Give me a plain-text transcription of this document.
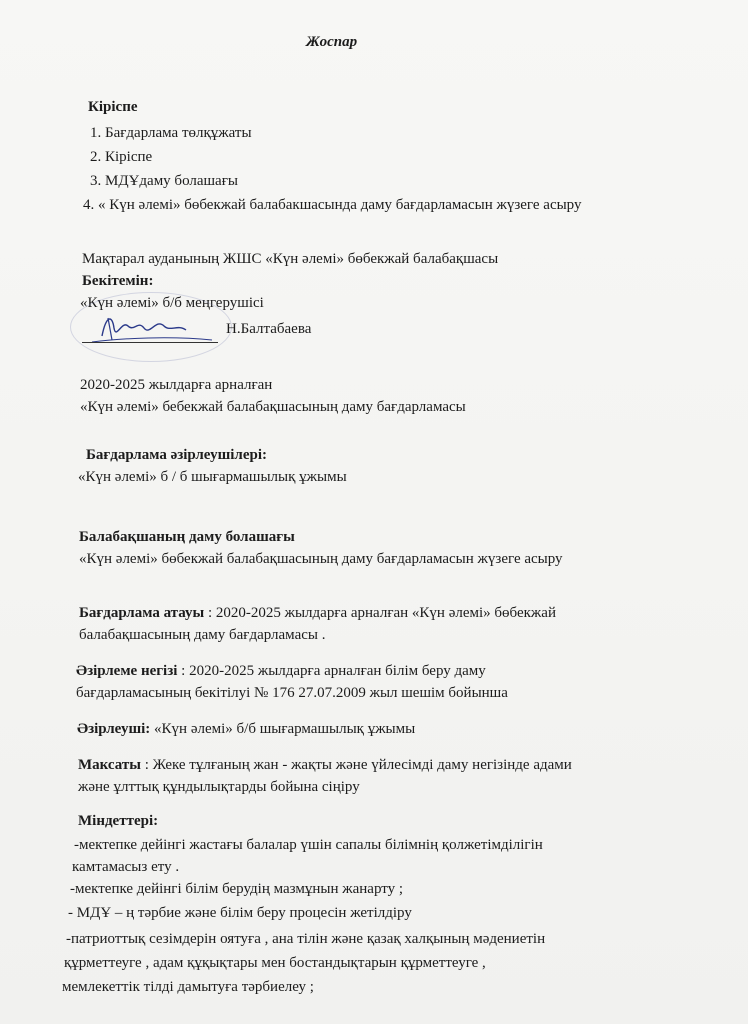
Жоспар
Кіріспе
1. Бағдарлама төлқұжаты
2. Кіріспе
3. МДҰдаму болашағы
4. « Күн әлемі» бөбекжай балабакшасында даму бағдарламасын жүзеге асыру
Мақтарал ауданының ЖШС «Күн әлемі» бөбекжай балабақшасы
Бекітемін:
«Күн әлемі» б/б меңгерушісі
Н.Балтабаева
2020-2025 жылдарға арналған
«Күн әлемі» бебекжай балабақшасының даму бағдарламасы
Бағдарлама әзірлеушілері:
«Күн әлемі» б / б шығармашылық ұжымы
Балабақшаның даму болашағы
«Күн әлемі» бөбекжай балабақшасының даму бағдарламасын жүзеге асыру
Бағдарлама атауы : 2020-2025 жылдарға арналған «Күн әлемі» бөбекжай
балабақшасының даму бағдарламасы .
Әзірлеме негізі : 2020-2025 жылдарға арналған білім беру даму
бағдарламасының бекітілуі № 176 27.07.2009 жыл шешім бойынша
Әзірлеуші: «Күн әлемі» б/б шығармашылық ұжымы
Максаты : Жеке тұлғаның жан - жақты және үйлесімді даму негізінде адами
және ұлттық құндылықтарды бойына сіңіру
Міндеттері:
-мектепке дейінгі жастағы балалар үшін сапалы білімнің қолжетімділігін
камтамасыз ету .
-мектепке дейінгі білім берудің мазмұнын жанарту ;
- МДҰ – ң тәрбие және білім беру процесін жетілдіру
-патриоттық сезімдерін оятуға , ана тілін және қазақ халқының мәдениетін
құрметтеуге , адам құқықтары мен бостандықтарын құрметтеуге ,
мемлекеттік тілді дамытуға тәрбиелеу ;
